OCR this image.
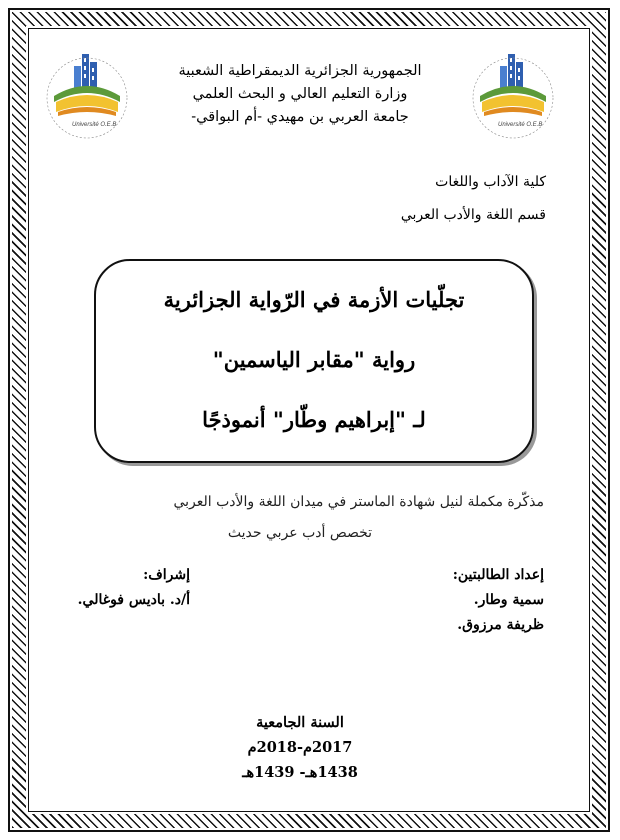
Université O.E.B	Université O.E.B
الجمهورية الجزائرية الديمقراطية الشعبية
وزارة التعليم العالي و البحث العلمي
جامعة العربي بن مهيدي -أم البواقي-
كلية الآداب واللغات
قسم اللغة والأدب العربي
تجلّيات الأزمة في الرّواية الجزائرية
رواية "مقابر الياسمين"
لـ "إبراهيم وطّار" أنموذجًا
مذكّرة مكملة لنيل شهادة الماستر في ميدان اللغة والأدب العربي
تخصص أدب عربي حديث
إعداد الطالبتين:
سمية وطار.
ظريفة مرزوق.
إشراف:
أ/د. باديس فوغالي.
السنة الجامعية
2017م-2018م
1438هـ- 1439هـ
